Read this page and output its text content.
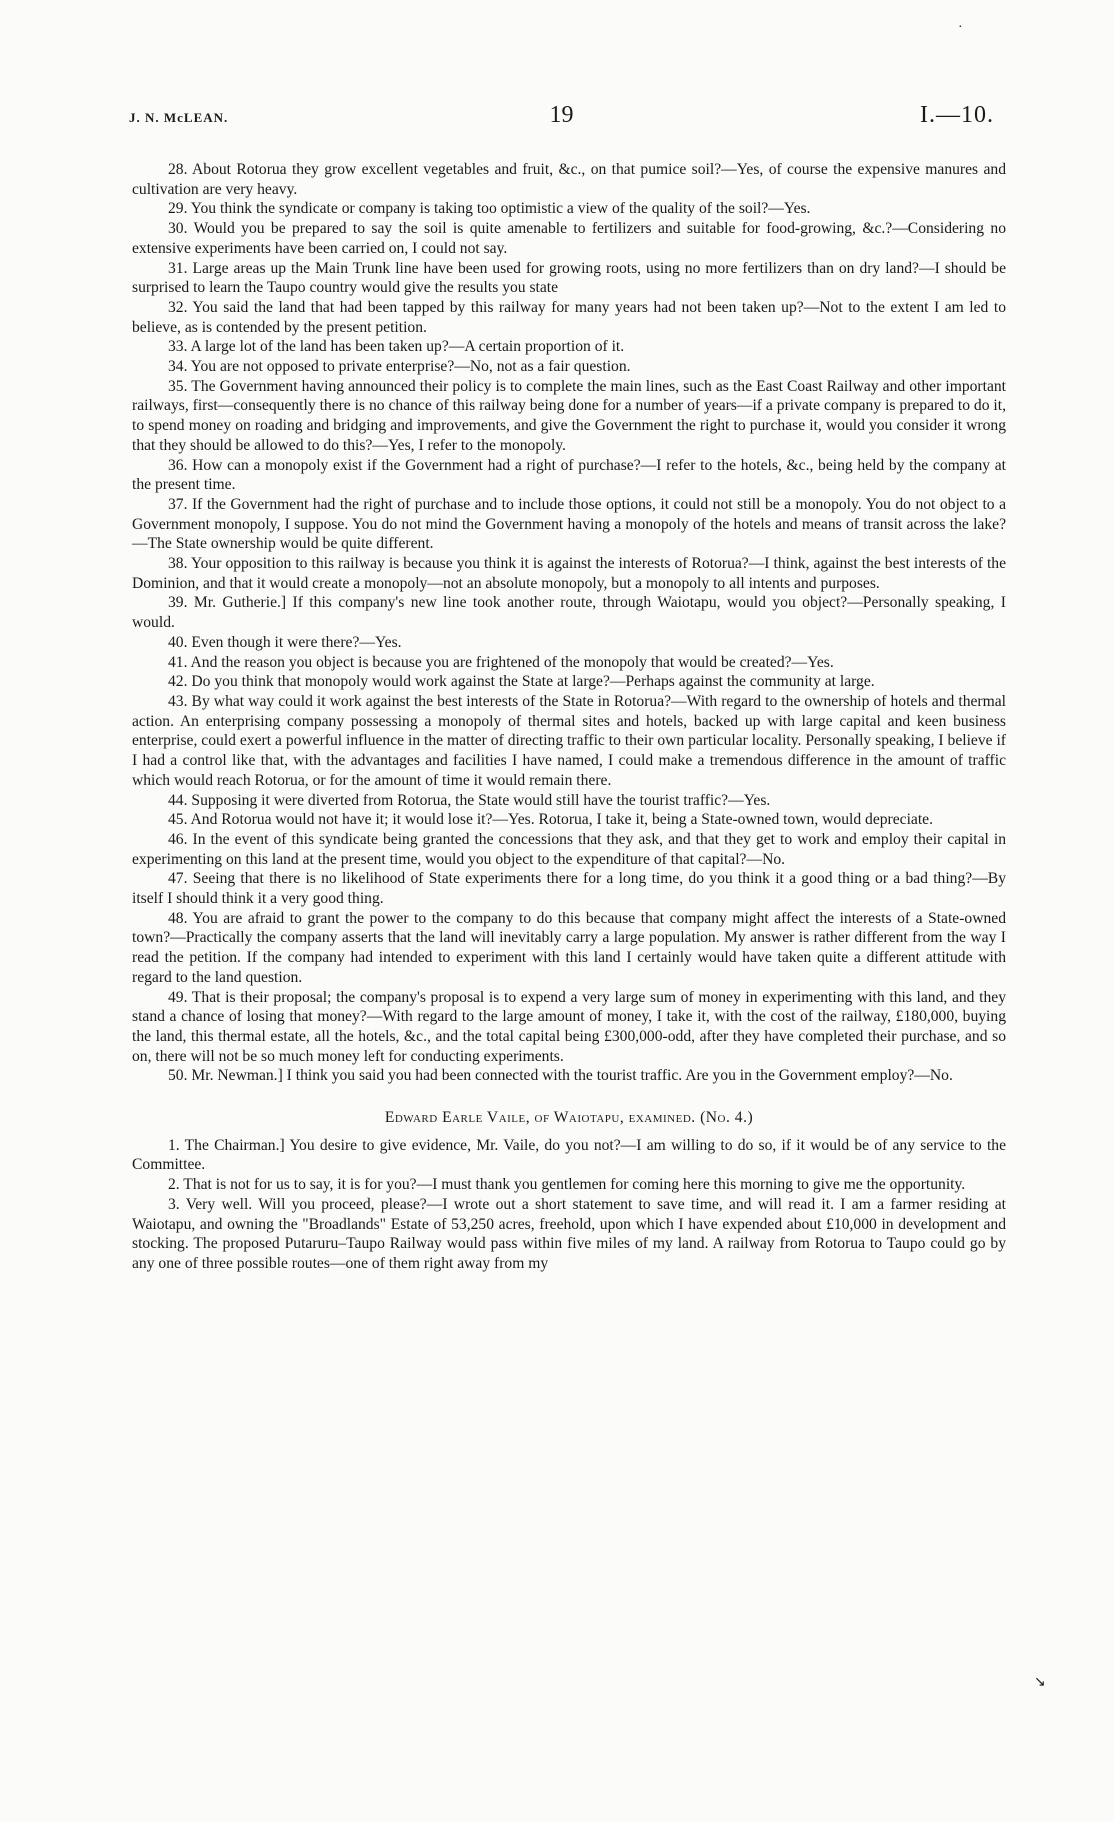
·
J. N. McLEAN.	19	I.—10.

28. About Rotorua they grow excellent vegetables and fruit, &c., on that pumice soil?—Yes, of course the expensive manures and cultivation are very heavy.

29. You think the syndicate or company is taking too optimistic a view of the quality of the soil?—Yes.

30. Would you be prepared to say the soil is quite amenable to fertilizers and suitable for food-growing, &c.?—Considering no extensive experiments have been carried on, I could not say.

31. Large areas up the Main Trunk line have been used for growing roots, using no more fertilizers than on dry land?—I should be surprised to learn the Taupo country would give the results you state

32. You said the land that had been tapped by this railway for many years had not been taken up?—Not to the extent I am led to believe, as is contended by the present petition.

33. A large lot of the land has been taken up?—A certain proportion of it.

34. You are not opposed to private enterprise?—No, not as a fair question.

35. The Government having announced their policy is to complete the main lines, such as the East Coast Railway and other important railways, first—consequently there is no chance of this railway being done for a number of years—if a private company is prepared to do it, to spend money on roading and bridging and improvements, and give the Government the right to purchase it, would you consider it wrong that they should be allowed to do this?—Yes, I refer to the monopoly.

36. How can a monopoly exist if the Government had a right of purchase?—I refer to the hotels, &c., being held by the company at the present time.

37. If the Government had the right of purchase and to include those options, it could not still be a monopoly. You do not object to a Government monopoly, I suppose. You do not mind the Government having a monopoly of the hotels and means of transit across the lake?—The State ownership would be quite different.

38. Your opposition to this railway is because you think it is against the interests of Rotorua?—I think, against the best interests of the Dominion, and that it would create a monopoly—not an absolute monopoly, but a monopoly to all intents and purposes.

39. Mr. Gutherie.] If this company's new line took another route, through Waiotapu, would you object?—Personally speaking, I would.

40. Even though it were there?—Yes.

41. And the reason you object is because you are frightened of the monopoly that would be created?—Yes.

42. Do you think that monopoly would work against the State at large?—Perhaps against the community at large.

43. By what way could it work against the best interests of the State in Rotorua?—With regard to the ownership of hotels and thermal action. An enterprising company possessing a monopoly of thermal sites and hotels, backed up with large capital and keen business enterprise, could exert a powerful influence in the matter of directing traffic to their own particular locality. Personally speaking, I believe if I had a control like that, with the advantages and facilities I have named, I could make a tremendous difference in the amount of traffic which would reach Rotorua, or for the amount of time it would remain there.

44. Supposing it were diverted from Rotorua, the State would still have the tourist traffic?—Yes.

45. And Rotorua would not have it; it would lose it?—Yes. Rotorua, I take it, being a State-owned town, would depreciate.

46. In the event of this syndicate being granted the concessions that they ask, and that they get to work and employ their capital in experimenting on this land at the present time, would you object to the expenditure of that capital?—No.

47. Seeing that there is no likelihood of State experiments there for a long time, do you think it a good thing or a bad thing?—By itself I should think it a very good thing.

48. You are afraid to grant the power to the company to do this because that company might affect the interests of a State-owned town?—Practically the company asserts that the land will inevitably carry a large population. My answer is rather different from the way I read the petition. If the company had intended to experiment with this land I certainly would have taken quite a different attitude with regard to the land question.

49. That is their proposal; the company's proposal is to expend a very large sum of money in experimenting with this land, and they stand a chance of losing that money?—With regard to the large amount of money, I take it, with the cost of the railway, £180,000, buying the land, this thermal estate, all the hotels, &c., and the total capital being £300,000-odd, after they have completed their purchase, and so on, there will not be so much money left for conducting experiments.

50. Mr. Newman.] I think you said you had been connected with the tourist traffic. Are you in the Government employ?—No.

Edward Earle Vaile, of Waiotapu, examined. (No. 4.)

1. The Chairman.] You desire to give evidence, Mr. Vaile, do you not?—I am willing to do so, if it would be of any service to the Committee.

2. That is not for us to say, it is for you?—I must thank you gentlemen for coming here this morning to give me the opportunity.

3. Very well. Will you proceed, please?—I wrote out a short statement to save time, and will read it. I am a farmer residing at Waiotapu, and owning the "Broadlands" Estate of 53,250 acres, freehold, upon which I have expended about £10,000 in development and stocking. The proposed Putaruru–Taupo Railway would pass within five miles of my land. A railway from Rotorua to Taupo could go by any one of three possible routes—one of them right away from my

↘
